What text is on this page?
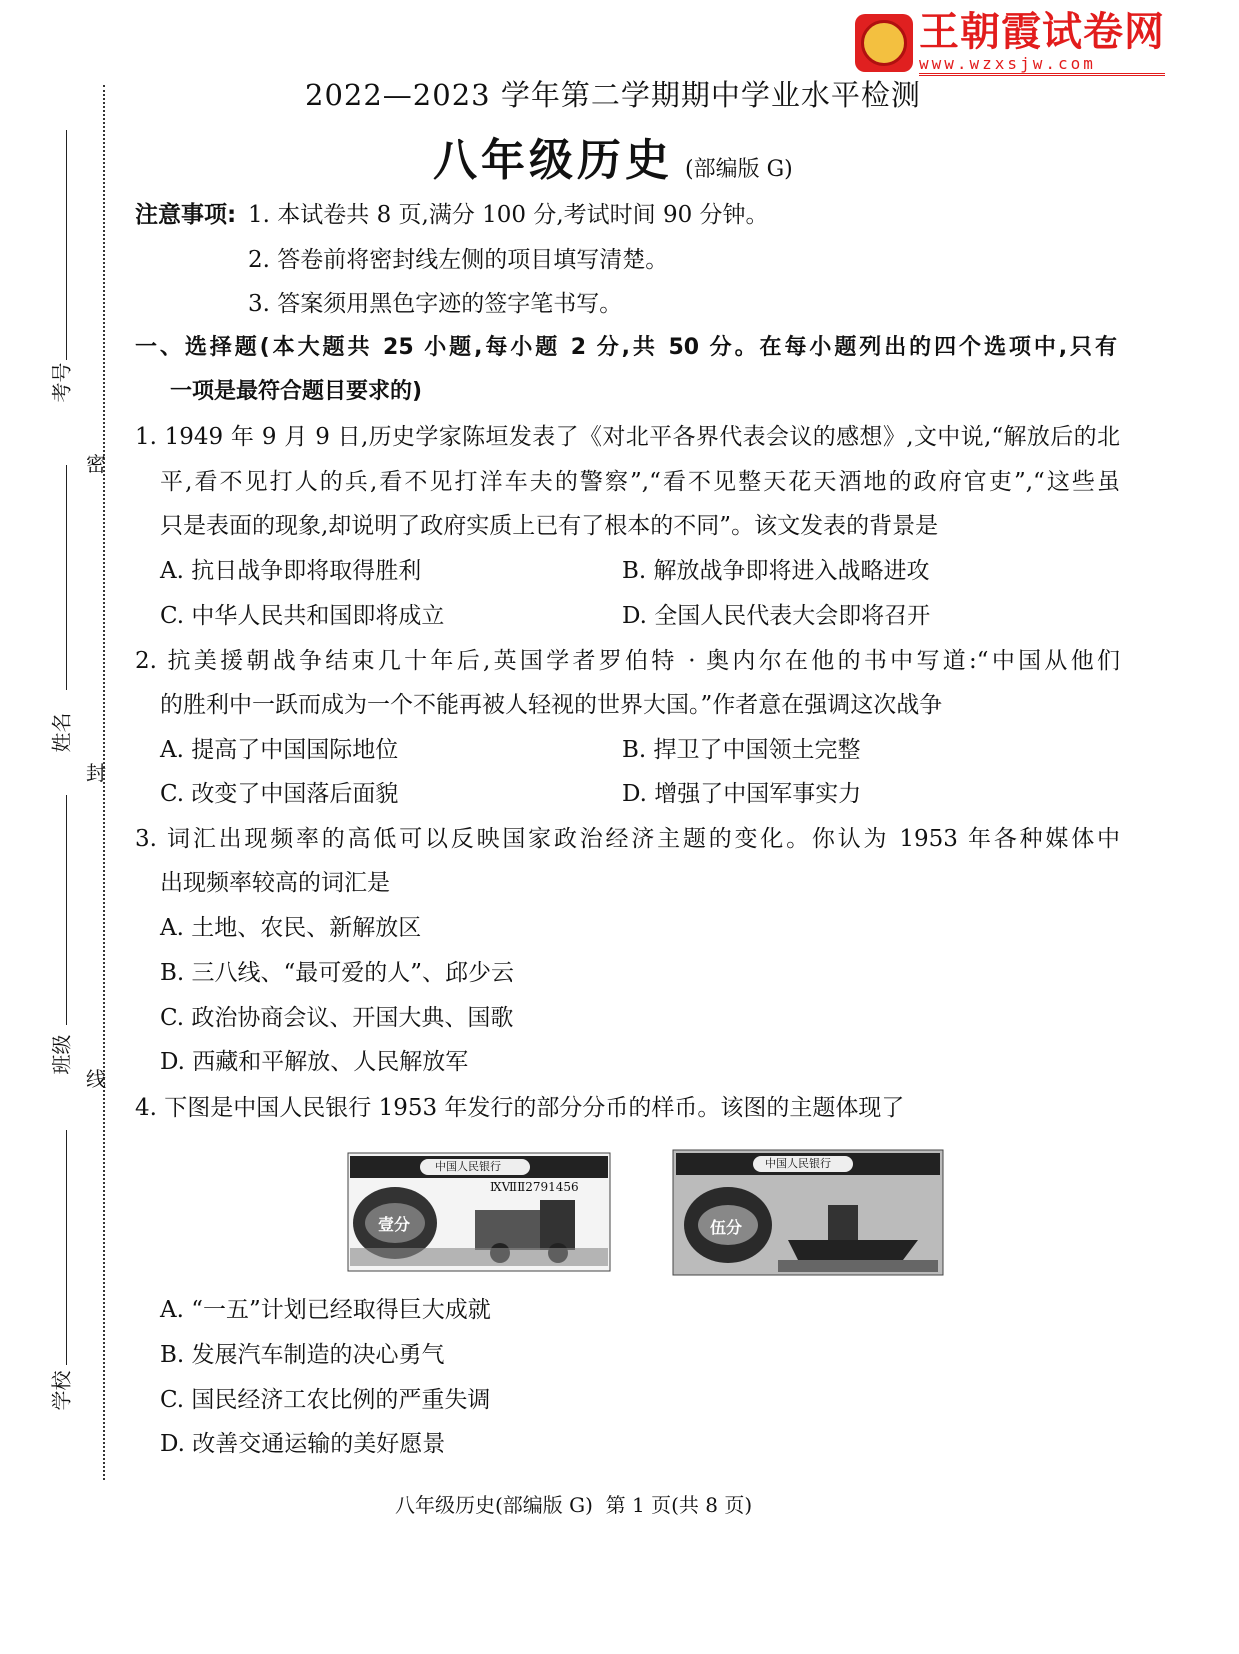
王朝霞试卷网
www.wzxsjw.com
考号
姓名
班级
学校
密
封
线
2022—2023 学年第二学期期中学业水平检测
八年级历史 (部编版 G)
注意事项: 1. 本试卷共 8 页,满分 100 分,考试时间 90 分钟。
2. 答卷前将密封线左侧的项目填写清楚。
3. 答案须用黑色字迹的签字笔书写。
一、选择题(本大题共 25 小题,每小题 2 分,共 50 分。在每小题列出的四个选项中,只有
一项是最符合题目要求的)
1. 1949 年 9 月 9 日,历史学家陈垣发表了《对北平各界代表会议的感想》,文中说,“解放后的北
平,看不见打人的兵,看不见打洋车夫的警察”,“看不见整天花天酒地的政府官吏”,“这些虽
只是表面的现象,却说明了政府实质上已有了根本的不同”。该文发表的背景是
A. 抗日战争即将取得胜利	B. 解放战争即将进入战略进攻
C. 中华人民共和国即将成立	D. 全国人民代表大会即将召开
2. 抗美援朝战争结束几十年后,英国学者罗伯特 · 奥内尔在他的书中写道:“中国从他们
的胜利中一跃而成为一个不能再被人轻视的世界大国。”作者意在强调这次战争
A. 提高了中国国际地位	B. 捍卫了中国领土完整
C. 改变了中国落后面貌	D. 增强了中国军事实力
3. 词汇出现频率的高低可以反映国家政治经济主题的变化。你认为 1953 年各种媒体中
出现频率较高的词汇是
A. 土地、农民、新解放区
B. 三八线、“最可爱的人”、邱少云
C. 政治协商会议、开国大典、国歌
D. 西藏和平解放、人民解放军
4. 下图是中国人民银行 1953 年发行的部分分币的样币。该图的主题体现了
中国人民银行
ⅨⅦⅡ2791456
壹分
中国人民银行
伍分
A. “一五”计划已经取得巨大成就
B. 发展汽车制造的决心勇气
C. 国民经济工农比例的严重失调
D. 改善交通运输的美好愿景
八年级历史(部编版 G)  第 1 页(共 8 页)
